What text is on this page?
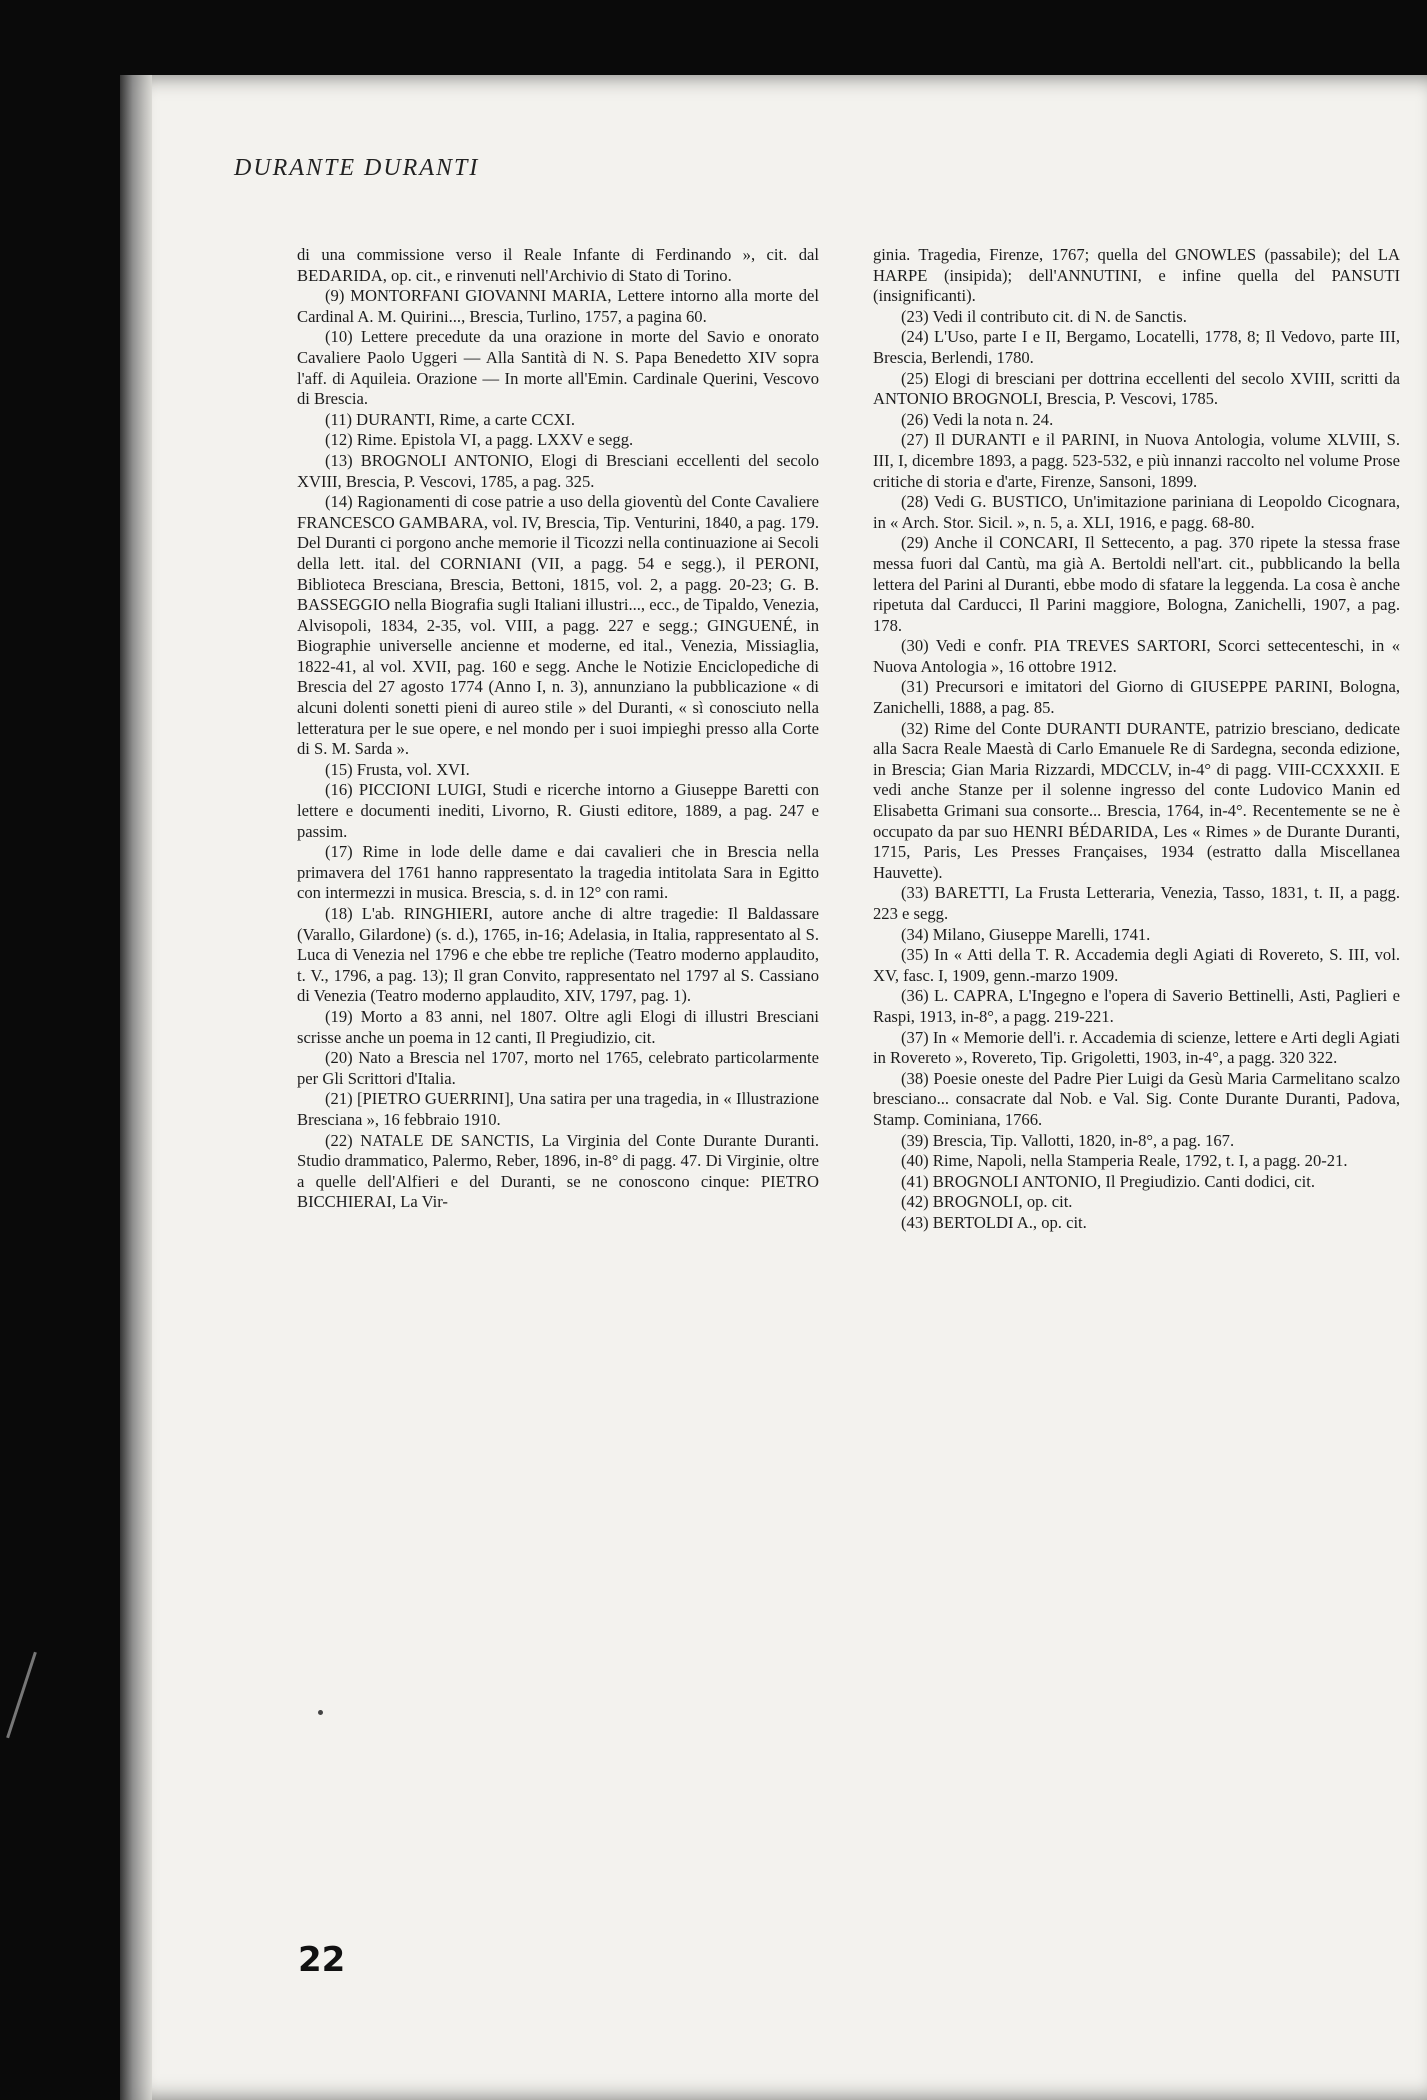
DURANTE DURANTI

di una commissione verso il Reale Infante di Ferdinando », cit. dal BEDARIDA, op. cit., e rinvenuti nell'Archivio di Stato di Torino.

(9) MONTORFANI GIOVANNI MARIA, Lettere intorno alla morte del Cardinal A. M. Quirini..., Brescia, Turlino, 1757, a pagina 60.

(10) Lettere precedute da una orazione in morte del Savio e onorato Cavaliere Paolo Uggeri — Alla Santità di N. S. Papa Benedetto XIV sopra l'aff. di Aquileia. Orazione — In morte all'Emin. Cardinale Querini, Vescovo di Brescia.

(11) DURANTI, Rime, a carte CCXI.

(12) Rime. Epistola VI, a pagg. LXXV e segg.

(13) BROGNOLI ANTONIO, Elogi di Bresciani eccellenti del secolo XVIII, Brescia, P. Vescovi, 1785, a pag. 325.

(14) Ragionamenti di cose patrie a uso della gioventù del Conte Cavaliere FRANCESCO GAMBARA, vol. IV, Brescia, Tip. Venturini, 1840, a pag. 179. Del Duranti ci porgono anche memorie il Ticozzi nella continuazione ai Secoli della lett. ital. del CORNIANI (VII, a pagg. 54 e segg.), il PERONI, Biblioteca Bresciana, Brescia, Bettoni, 1815, vol. 2, a pagg. 20-23; G. B. BASSEGGIO nella Biografia sugli Italiani illustri..., ecc., de Tipaldo, Venezia, Alvisopoli, 1834, 2-35, vol. VIII, a pagg. 227 e segg.; GINGUENÉ, in Biographie universelle ancienne et moderne, ed ital., Venezia, Missiaglia, 1822-41, al vol. XVII, pag. 160 e segg. Anche le Notizie Enciclopediche di Brescia del 27 agosto 1774 (Anno I, n. 3), annunziano la pubblicazione « di alcuni dolenti sonetti pieni di aureo stile » del Duranti, « sì conosciuto nella letteratura per le sue opere, e nel mondo per i suoi impieghi presso alla Corte di S. M. Sarda ».

(15) Frusta, vol. XVI.

(16) PICCIONI LUIGI, Studi e ricerche intorno a Giuseppe Baretti con lettere e documenti inediti, Livorno, R. Giusti editore, 1889, a pag. 247 e passim.

(17) Rime in lode delle dame e dai cavalieri che in Brescia nella primavera del 1761 hanno rappresentato la tragedia intitolata Sara in Egitto con intermezzi in musica. Brescia, s. d. in 12° con rami.

(18) L'ab. RINGHIERI, autore anche di altre tragedie: Il Baldassare (Varallo, Gilardone) (s. d.), 1765, in-16; Adelasia, in Italia, rappresentato al S. Luca di Venezia nel 1796 e che ebbe tre repliche (Teatro moderno applaudito, t. V., 1796, a pag. 13); Il gran Convito, rappresentato nel 1797 al S. Cassiano di Venezia (Teatro moderno applaudito, XIV, 1797, pag. 1).

(19) Morto a 83 anni, nel 1807. Oltre agli Elogi di illustri Bresciani scrisse anche un poema in 12 canti, Il Pregiudizio, cit.

(20) Nato a Brescia nel 1707, morto nel 1765, celebrato particolarmente per Gli Scrittori d'Italia.

(21) [PIETRO GUERRINI], Una satira per una tragedia, in « Illustrazione Bresciana », 16 febbraio 1910.

(22) NATALE DE SANCTIS, La Virginia del Conte Durante Duranti. Studio drammatico, Palermo, Reber, 1896, in-8° di pagg. 47. Di Virginie, oltre a quelle dell'Alfieri e del Duranti, se ne conoscono cinque: PIETRO BICCHIERAI, La Vir-

ginia. Tragedia, Firenze, 1767; quella del GNOWLES (passabile); del LA HARPE (insipida); dell'ANNUTINI, e infine quella del PANSUTI (insignificanti).

(23) Vedi il contributo cit. di N. de Sanctis.

(24) L'Uso, parte I e II, Bergamo, Locatelli, 1778, 8; Il Vedovo, parte III, Brescia, Berlendi, 1780.

(25) Elogi di bresciani per dottrina eccellenti del secolo XVIII, scritti da ANTONIO BROGNOLI, Brescia, P. Vescovi, 1785.

(26) Vedi la nota n. 24.

(27) Il DURANTI e il PARINI, in Nuova Antologia, volume XLVIII, S. III, I, dicembre 1893, a pagg. 523-532, e più innanzi raccolto nel volume Prose critiche di storia e d'arte, Firenze, Sansoni, 1899.

(28) Vedi G. BUSTICO, Un'imitazione pariniana di Leopoldo Cicognara, in « Arch. Stor. Sicil. », n. 5, a. XLI, 1916, e pagg. 68-80.

(29) Anche il CONCARI, Il Settecento, a pag. 370 ripete la stessa frase messa fuori dal Cantù, ma già A. Bertoldi nell'art. cit., pubblicando la bella lettera del Parini al Duranti, ebbe modo di sfatare la leggenda. La cosa è anche ripetuta dal Carducci, Il Parini maggiore, Bologna, Zanichelli, 1907, a pag. 178.

(30) Vedi e confr. PIA TREVES SARTORI, Scorci settecenteschi, in « Nuova Antologia », 16 ottobre 1912.

(31) Precursori e imitatori del Giorno di GIUSEPPE PARINI, Bologna, Zanichelli, 1888, a pag. 85.

(32) Rime del Conte DURANTI DURANTE, patrizio bresciano, dedicate alla Sacra Reale Maestà di Carlo Emanuele Re di Sardegna, seconda edizione, in Brescia; Gian Maria Rizzardi, MDCCLV, in-4° di pagg. VIII-CCXXXII. E vedi anche Stanze per il solenne ingresso del conte Ludovico Manin ed Elisabetta Grimani sua consorte... Brescia, 1764, in-4°. Recentemente se ne è occupato da par suo HENRI BÉDARIDA, Les « Rimes » de Durante Duranti, 1715, Paris, Les Presses Françaises, 1934 (estratto dalla Miscellanea Hauvette).

(33) BARETTI, La Frusta Letteraria, Venezia, Tasso, 1831, t. II, a pagg. 223 e segg.

(34) Milano, Giuseppe Marelli, 1741.

(35) In « Atti della T. R. Accademia degli Agiati di Rovereto, S. III, vol. XV, fasc. I, 1909, genn.-marzo 1909.

(36) L. CAPRA, L'Ingegno e l'opera di Saverio Bettinelli, Asti, Paglieri e Raspi, 1913, in-8°, a pagg. 219-221.

(37) In « Memorie dell'i. r. Accademia di scienze, lettere e Arti degli Agiati in Rovereto », Rovereto, Tip. Grigoletti, 1903, in-4°, a pagg. 320 322.

(38) Poesie oneste del Padre Pier Luigi da Gesù Maria Carmelitano scalzo bresciano... consacrate dal Nob. e Val. Sig. Conte Durante Duranti, Padova, Stamp. Cominiana, 1766.

(39) Brescia, Tip. Vallotti, 1820, in-8°, a pag. 167.

(40) Rime, Napoli, nella Stamperia Reale, 1792, t. I, a pagg. 20-21.

(41) BROGNOLI ANTONIO, Il Pregiudizio. Canti dodici, cit.

(42) BROGNOLI, op. cit.

(43) BERTOLDI A., op. cit.

22
